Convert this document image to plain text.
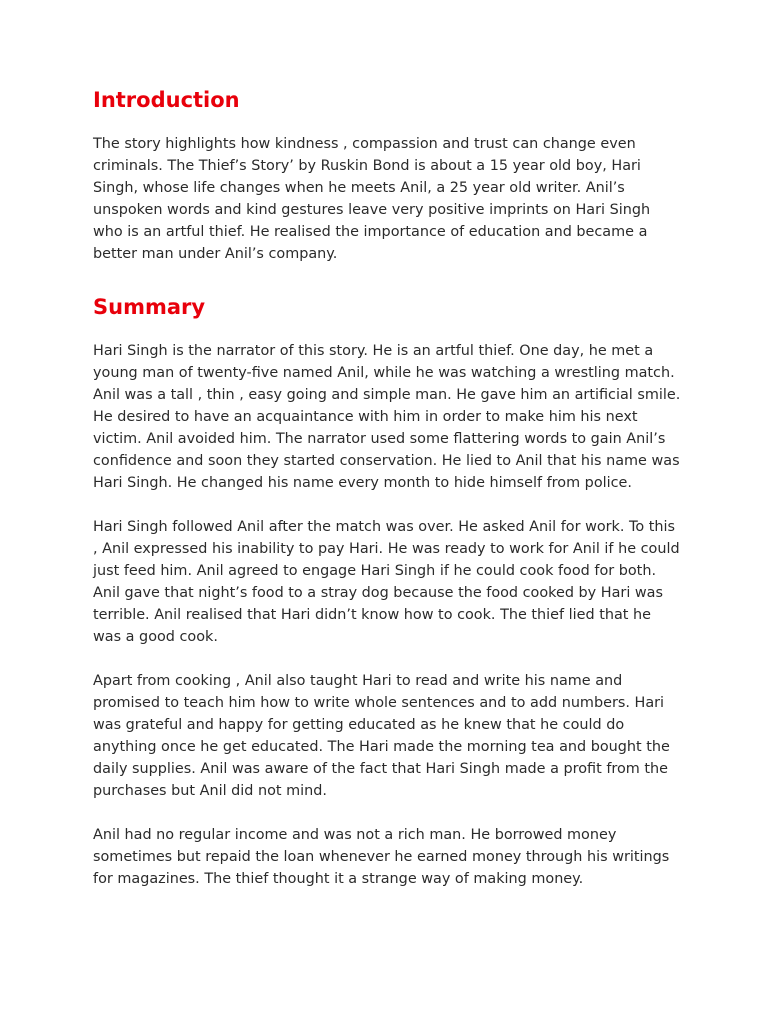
Introduction

The story highlights how kindness , compassion and trust can change even criminals. The Thief’s Story’ by Ruskin Bond is about a 15 year old boy, Hari Singh, whose life changes when he meets Anil, a 25 year old writer. Anil’s unspoken words and kind gestures leave very positive imprints on Hari Singh who is an artful thief. He realised the importance of education and became a better man under Anil’s company.

Summary

Hari Singh is the narrator of this story. He is an artful thief. One day, he met a young man of twenty-five named Anil, while he was watching a wrestling match. Anil was a tall , thin , easy going and simple man. He gave him an artificial smile. He desired to have an acquaintance with him in order to make him his next victim. Anil avoided him. The narrator used some flattering words to gain Anil’s confidence and soon they started conservation. He lied to Anil that his name was Hari Singh. He changed his name every month to hide himself from police.

Hari Singh followed Anil after the match was over. He asked Anil for work. To this , Anil expressed his inability to pay Hari. He was ready to work for Anil if he could just feed him. Anil agreed to engage Hari Singh if he could cook food for both. Anil gave that night’s food to a stray dog because the food cooked by Hari was terrible. Anil realised that Hari didn’t know how to cook. The thief lied that he was a good cook.

Apart from cooking , Anil also taught Hari to read and write his name and promised to teach him how to write whole sentences and to add numbers. Hari was grateful and happy for getting educated as he knew that he could do anything once he get educated. The Hari made the morning tea and bought the daily supplies. Anil was aware of the fact that Hari Singh made a profit from the purchases but Anil did not mind.

Anil had no regular income and was not a rich man. He borrowed money sometimes but repaid the loan whenever he earned money through his writings for magazines. The thief thought it a strange way of making money.
